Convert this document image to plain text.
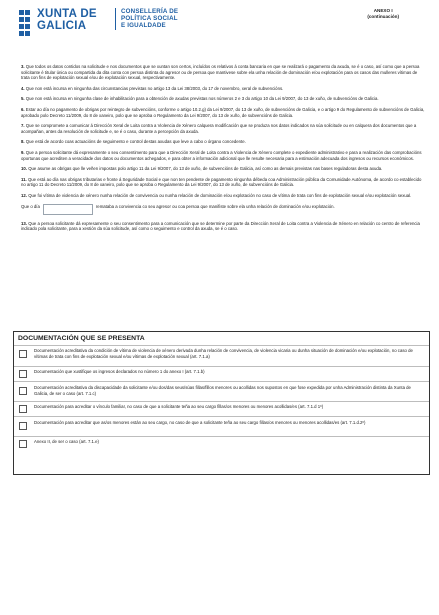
XUNTA DE GALICIA
CONSELLERÍA DE
POLÍTICA SOCIAL
E IGUALDADE
ANEXO I
(continuación)
3. Que todos os datos contidos na solicitude e nos documentos que se xuntan son certos, incluídos os relativos á conta bancaria en que se realizará o pagamento da axuda, se é o caso, así como que a persoa solicitante é titular única ou compartida da dita conta con persoa distinta do agresor ou de persoa que mantivese sobre ela unha relación de dominación e/ou explotación para os casos das mulleres vítimas de trata con fins de explotación sexual e/ou de explotación sexual, respectivamente.
4. Que non está incursa en ningunha das circunstancias previstas no artigo 13 da Lei 38/2003, do 17 de novembro, xeral de subvencións.
5. Que non está incursa en ningunha clase de inhabilitación para a obtención de axudas previstas nos números 2 e 3 do artigo 10 da Lei 9/2007, do 13 de xuño, de subvencións de Galicia.
6. Estar ao día no pagamento de obrigas por reintegro de subvencións, conforme o artigo 10.2.g) da Lei 9/2007, do 13 de xuño, de subvencións de Galicia, e o artigo 9 do Regulamento de subvencións de Galicia, aprobado polo Decreto 11/2009, do 8 de xaneiro, polo que se aproba o Regulamento da Lei 9/2007, do 13 de xuño, de subvencións de Galicia.
7. Que se compromete a comunicar á Dirección Xeral de Loita contra a Violencia de Xénero calquera modificación que se produza nos datos indicados na súa solicitude ou en calquera dos documentos que a acompañan, antes da resolución de solicitude e, se é o caso, durante a percepción da axuda.
8. Que está de acordo coas actuacións de seguimento e control destas axudas que leve a cabo o órgano concedente.
9. Que a persoa solicitante dá expresamente o seu consentimento para que a Dirección Xeral de Loita contra a Violencia de Xénero complete o expediente administrativo e para a realización das comprobacións oportunas que acrediten a veracidade dos datos ou documentos achegados, e para obter a información adicional que lle resulte necesaria para a estimación adecuada dos ingresos ou recursos económicos.
10. Que asume as obrigas que lle veñen impostas polo artigo 11 da Lei 9/2007, do 13 de xuño, de subvencións de Galicia, así como as demais previstas nas bases reguladoras desta axuda.
11. Que está ao día nas obrigas tributarias e fronte á Seguridade Social e que non ten pendente de pagamento ningunha débeda coa Administración pública da Comunidade Autónoma, de acordo co establecido no artigo 11 do Decreto 11/2009, do 8 de xaneiro, polo que se aproba o Regulamento da Lei 9/2007, do 13 de xuño, de subvencións de Galicia.
12. Que foi vítima de violencia de xénero nunha relación de convivencia ou nunha relación de dominación e/ou explotación no caso de vítima de trata con fins de explotación sexual e/ou explotación sexual.
Que o día	remataba a convivencia co seu agresor ou coa persoa que manifiste sobre ela unha relación de dominación e/ou explotación.
13. Que a persoa solicitante dá expresamente o seu consentimento para a comunicación que se determine por parte da Dirección Xeral de Loita contra a Violencia de Xénero en relación co centro de referencia indicado pola solicitante, para a xestión da súa solicitude, así como o seguimento e control da axuda, se é o caso.
DOCUMENTACIÓN QUE SE PRESENTA
Documentación acreditativa da condición de vítima de violencia de xénero derivada dunha relación de convivencia, de violencia vicaria ou dunha situación de dominación e/ou explotación, no caso de vítimas de trata con fins de explotación sexual e/ou vítimas de explotación sexual (art. 7.1.a)
Documentación que xustifique os ingresos declarados no número 1 do anexo I (art. 7.1.b)
Documentación acreditativa da discapacidade da solicitante e/ou dos/das seus/súas fillas/fillos menores ou acollidas nos supostos en que fose expedida por unha Administración distinta da Xunta de Galicia, de ser o caso (art. 7.1.c)
Documentación para acreditar o vínculo familiar, no caso de que a solicitante teña ao seu cargo fillas/os menores ou menores acollidas/es (art. 7.1.d 1º)
Documentación para acreditar que as/os menores están ao seu cargo, no caso de que a solicitante teña ao seu cargo fillas/os menores ou menores acollidas/es (art. 7.1.d.2º)
Anexo II, de ser o caso (art. 7.1.e)
